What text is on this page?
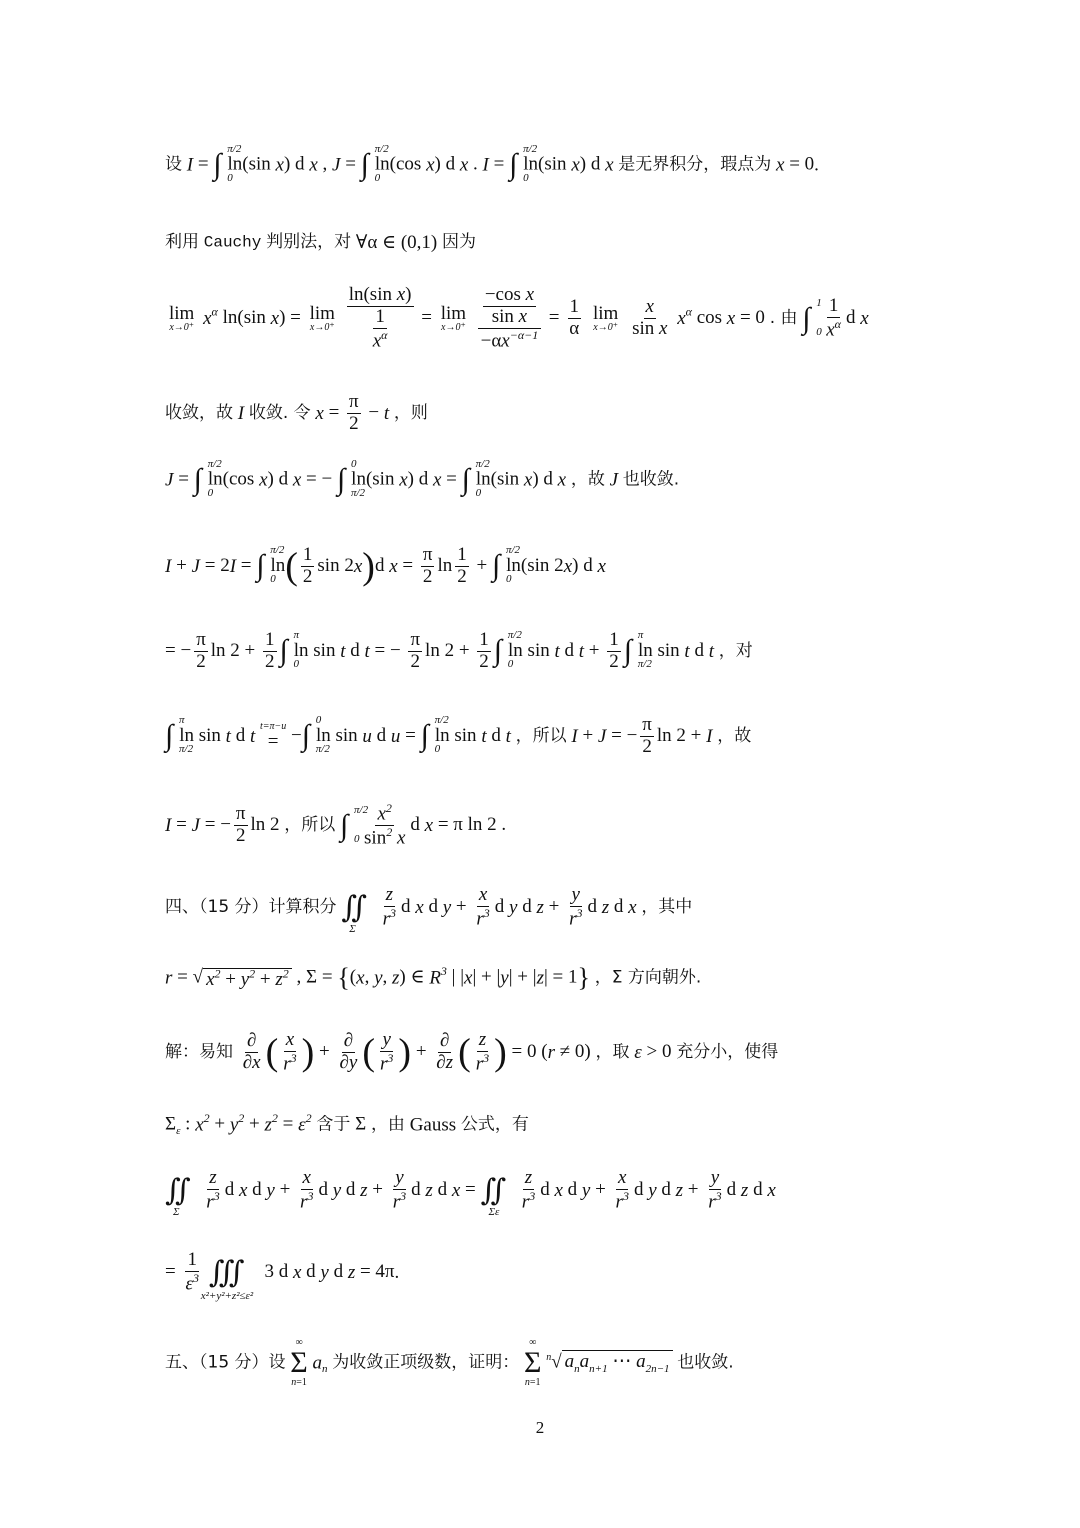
设 I = ∫ π/2
0
ln(sin x) d x , J = ∫ π/2
0
ln(cos x) d x . I = ∫ π/2
0
ln(sin x) d x 是无界积分，瑕点为 x = 0.
利用 Cauchy 判别法，对 ∀α ∈ (0,1) 因为
lim
x→0⁺ $x^\alpha$ ln(sin x) = lim
x→0⁺
$\frac{\text{ln(sin x)}}{\frac{1}{x^\alpha}} = \lim$
x→0⁺
$\frac{\frac{\text{−cos x}}{\text{sin x}}}{-\alpha x^{-\alpha-1}} = \frac{1}{\alpha}$
lim
x→0⁺
$\frac{x}{\text{sin x}} x^\alpha$ cos x = 0 . 由 ∫ 1
0
$\frac{1}{x^\alpha}$ d x
收敛，故 I 收敛. 令 $x = \frac{\pi}{2} - t$ ，则
J = ∫ π/2
0
ln(cos x) d x = − ∫ 0
π/2
ln(sin x) d x = ∫ π/2
0
ln(sin x) d x ，故 J 也收敛.
I + J = 2I = ∫ π/2
0
$\ln( \frac{1}{2}$ sin 2x)d $x = \frac{\pi}{2}$ $\ln \frac{1}{2}$ + ∫ π/2
0
ln(sin 2x) d x
= − $\frac{\pi}{2}$ $\ln 2 + \frac{1}{2}$ ∫ π
0
ln sin t d t = − $\frac{\pi}{2}$ $\ln 2 + \frac{1}{2}$ ∫ π/2
0
ln sin t d $t + \frac{1}{2}$ ∫ π
π/2
ln sin t d t ，对
∫ π
π/2
ln sin t d t t=π−u
= −∫ 0
π/2
ln sin u d u = ∫ π/2
0
ln sin t d t ，所以 I + J = − $\frac{\pi}{2}$ ln 2 + I ，故
I = J = − $\frac{\pi}{2}$ ln 2 ，所以 ∫ π/2
0
$\frac{x^2}{\sin^2 x}$ d x = π ln 2 .
四、（15 分）计算积分 ∬
Σ
$\frac{z}{r^3}$ d x d $y + \frac{x}{r^3}$ d y d $z + \frac{y}{r^3}$ d z d x ，其中
r = √ $x^2 + y^2 + z^2$ , Σ = {(x, y, z) ∈ $R^3$ | |x| + |y| + |z| = 1} ，Σ 方向朝外.
解：易知 $\frac{\partial}{\partial x}$ ( $\frac{x}{r^3}$ ) + $\frac{\partial}{\partial y}$ ( $\frac{y}{r^3}$ ) + $\frac{\partial}{\partial z}$ ( $\frac{z}{r^3}$ ) = 0 (r ≠ 0) ，取 ε > 0 充分小，使得
$\Sigma_\varepsilon$ : $x^2 + y^2 + z^2 = \varepsilon^2$ 含于 Σ ，由 Gauss 公式，有
∬
Σ
$\frac{z}{r^3}$ d x d $y + \frac{x}{r^3}$ d y d $z + \frac{y}{r^3}$ d z d x = ∬
Σε
$\frac{z}{r^3}$ d x d $y + \frac{x}{r^3}$ d y d $z + \frac{y}{r^3}$ d z d x
= $\frac{1}{\varepsilon^3}$ ∭
x²+y²+z²≤ε²
3 d x d y d z = 4π.
五、（15 分）设
∞
Σ
n=1
$a_n$ 为收敛正项级数，证明：
∞
Σ
n=1
$^n$√ $a_na_{n+1}$ ⋯ $a_{2n-1}$ 也收敛.
2
